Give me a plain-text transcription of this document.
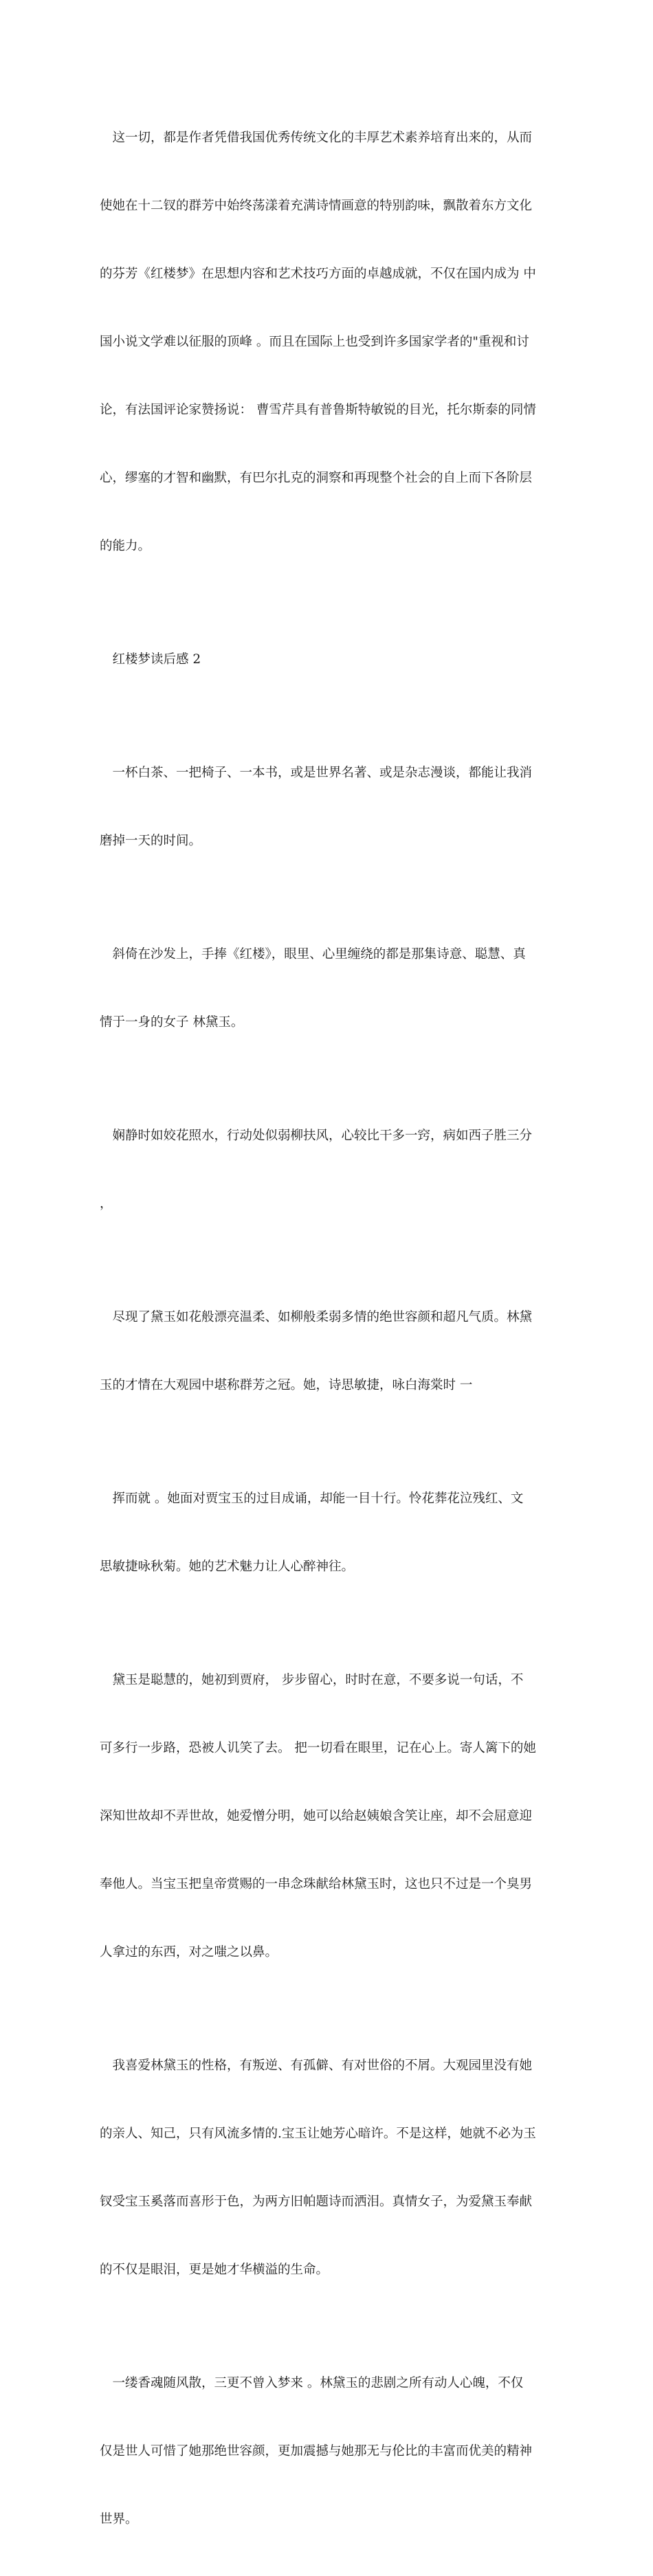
　这一切，都是作者凭借我国优秀传统文化的丰厚艺术素养培育出来的，从而

使她在十二钗的群芳中始终荡漾着充满诗情画意的特别韵味，飘散着东方文化

的芬芳《红楼梦》在思想内容和艺术技巧方面的卓越成就，不仅在国内成为 中

国小说文学难以征服的顶峰 。而且在国际上也受到许多国家学者的"重视和讨

论，有法国评论家赞扬说： 曹雪芹具有普鲁斯特敏锐的目光，托尔斯泰的同情

心，缪塞的才智和幽默，有巴尔扎克的洞察和再现整个社会的自上而下各阶层

的能力。

　红楼梦读后感 2

　一杯白茶、一把椅子、一本书，或是世界名著、或是杂志漫谈，都能让我消

磨掉一天的时间。

　斜倚在沙发上，手捧《红楼》，眼里、心里缠绕的都是那集诗意、聪慧、真

情于一身的女子 林黛玉。

　娴静时如姣花照水，行动处似弱柳扶风，心较比干多一窍，病如西子胜三分

，

　尽现了黛玉如花般漂亮温柔、如柳般柔弱多情的绝世容颜和超凡气质。林黛

玉的才情在大观园中堪称群芳之冠。她，诗思敏捷，咏白海棠时 一

　挥而就 。她面对贾宝玉的过目成诵，却能一目十行。怜花葬花泣残红、文

思敏捷咏秋菊。她的艺术魅力让人心醉神往。

　黛玉是聪慧的，她初到贾府， 步步留心，时时在意，不要多说一句话，不

可多行一步路，恐被人讥笑了去。 把一切看在眼里，记在心上。寄人篱下的她

深知世故却不弄世故，她爱憎分明，她可以给赵姨娘含笑让座，却不会屈意迎

奉他人。当宝玉把皇帝赏赐的一串念珠献给林黛玉时，这也只不过是一个臭男

人拿过的东西，对之嗤之以鼻。

　我喜爱林黛玉的性格，有叛逆、有孤僻、有对世俗的不屑。大观园里没有她

的亲人、知己，只有风流多情的.宝玉让她芳心暗许。不是这样，她就不必为玉

钗受宝玉奚落而喜形于色，为两方旧帕题诗而洒泪。真情女子，为爱黛玉奉献

的不仅是眼泪，更是她才华横溢的生命。

　一缕香魂随风散，三更不曾入梦来 。林黛玉的悲剧之所有动人心魄，不仅

仅是世人可惜了她那绝世容颜，更加震撼与她那无与伦比的丰富而优美的精神

世界。
